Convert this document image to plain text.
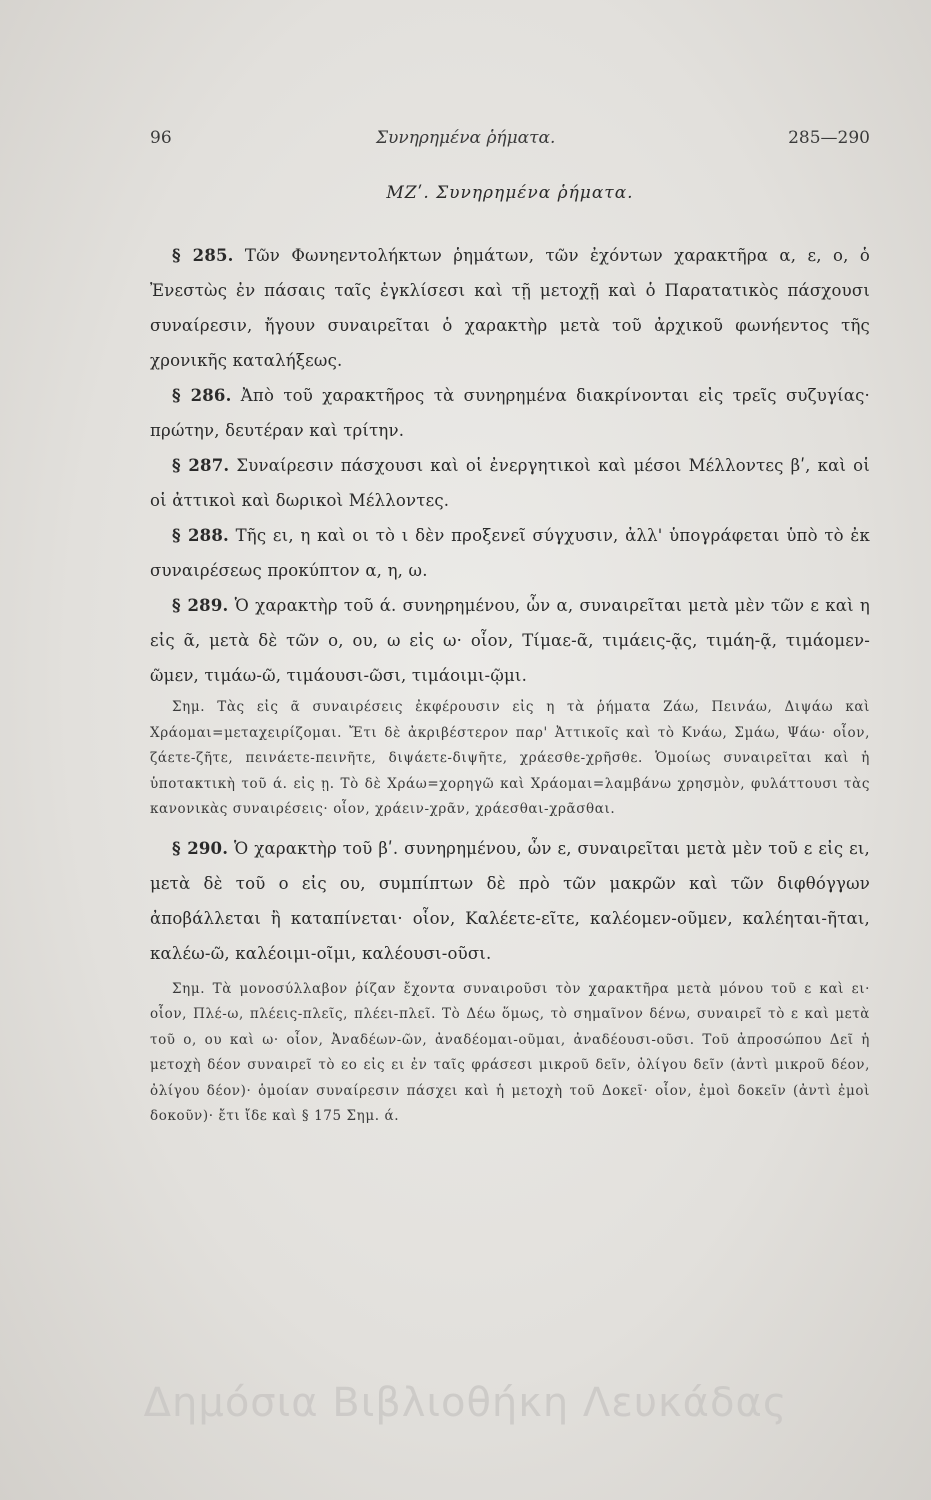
96	Συνηρημένα ῥήματα.	285—290
ΜΖʹ. Συνηρημένα ῥήματα.

§ 285. Τῶν Φωνηεντολήκτων ῥημάτων, τῶν ἐχόντων χαρακτῆρα α, ε, ο, ὁ Ἐνεστὼς ἐν πάσαις ταῖς ἐγκλίσεσι καὶ τῇ μετοχῇ καὶ ὁ Παρατατικὸς πάσχουσι συναίρεσιν, ἤγουν συναιρεῖται ὁ χαρακτὴρ μετὰ τοῦ ἀρχικοῦ φωνήεντος τῆς χρονικῆς καταλήξεως.

§ 286. Ἀπὸ τοῦ χαρακτῆρος τὰ συνηρημένα διακρίνονται εἰς τρεῖς συζυγίας· πρώτην, δευτέραν καὶ τρίτην.

§ 287. Συναίρεσιν πάσχουσι καὶ οἱ ἐνεργητικοὶ καὶ μέσοι Μέλλοντες βʹ, καὶ οἱ οἱ ἀττικοὶ καὶ δωρικοὶ Μέλλοντες.

§ 288. Τῆς ει, η καὶ οι τὸ ι δὲν προξενεῖ σύγχυσιν, ἀλλ' ὑπογράφεται ὑπὸ τὸ ἐκ συναιρέσεως προκύπτον α, η, ω.

§ 289. Ὁ χαρακτὴρ τοῦ ά. συνηρημένου, ὧν α, συναιρεῖται μετὰ μὲν τῶν ε καὶ η εἰς ᾶ, μετὰ δὲ τῶν ο, ου, ω εἰς ω· οἷον, Τίμαε-ᾶ, τιμάεις-ᾷς, τιμάη-ᾷ, τιμάομεν-ῶμεν, τιμάω-ῶ, τιμάουσι-ῶσι, τιμάοιμι-ῷμι.

Σημ. Τὰς εἰς ᾶ συναιρέσεις ἐκφέρουσιν εἰς η τὰ ῥήματα Ζάω, Πεινάω, Διψάω καὶ Χράομαι=μεταχειρίζομαι. Ἔτι δὲ ἀκριβέστερον παρ' Ἀττικοῖς καὶ τὸ Κνάω, Σμάω, Ψάω· οἷον, ζάετε-ζῆτε, πεινάετε-πεινῆτε, διψάετε-διψῆτε, χράεσθε-χρῆσθε. Ὁμοίως συναιρεῖται καὶ ἡ ὑποτακτικὴ τοῦ ά. εἰς ῃ. Τὸ δὲ Χράω=χορηγῶ καὶ Χράομαι=λαμβάνω χρησμὸν, φυλάττουσι τὰς κανονικὰς συναιρέσεις· οἷον, χράειν-χρᾶν, χράεσθαι-χρᾶσθαι.

§ 290. Ὁ χαρακτὴρ τοῦ βʹ. συνηρημένου, ὧν ε, συναιρεῖται μετὰ μὲν τοῦ ε εἰς ει, μετὰ δὲ τοῦ ο εἰς ου, συμπίπτων δὲ πρὸ τῶν μακρῶν καὶ τῶν διφθόγγων ἀποβάλλεται ἢ καταπίνεται· οἷον, Καλέετε-εῖτε, καλέομεν-οῦμεν, καλέηται-ῆται, καλέω-ῶ, καλέοιμι-οῖμι, καλέουσι-οῦσι.

Σημ. Τὰ μονοσύλλαβον ῥίζαν ἔχοντα συναιροῦσι τὸν χαρακτῆρα μετὰ μόνου τοῦ ε καὶ ει· οἷον, Πλέ-ω, πλέεις-πλεῖς, πλέει-πλεῖ. Τὸ Δέω ὅμως, τὸ σημαῖνον δένω, συναιρεῖ τὸ ε καὶ μετὰ τοῦ ο, ου καὶ ω· οἷον, Ἀναδέων-ῶν, ἀναδέομαι-οῦμαι, ἀναδέουσι-οῦσι. Τοῦ ἀπροσώπου Δεῖ ἡ μετοχὴ δέον συναιρεῖ τὸ εο εἰς ει ἐν ταῖς φράσεσι μικροῦ δεῖν, ὀλίγου δεῖν (ἀντὶ μικροῦ δέον, ὀλίγου δέον)· ὁμοίαν συναίρεσιν πάσχει καὶ ἡ μετοχὴ τοῦ Δοκεῖ· οἷον, ἐμοὶ δοκεῖν (ἀντὶ ἐμοὶ δοκοῦν)· ἔτι ἴδε καὶ § 175 Σημ. ά.

Δημόσια Βιβλιοθήκη Λευκάδας
